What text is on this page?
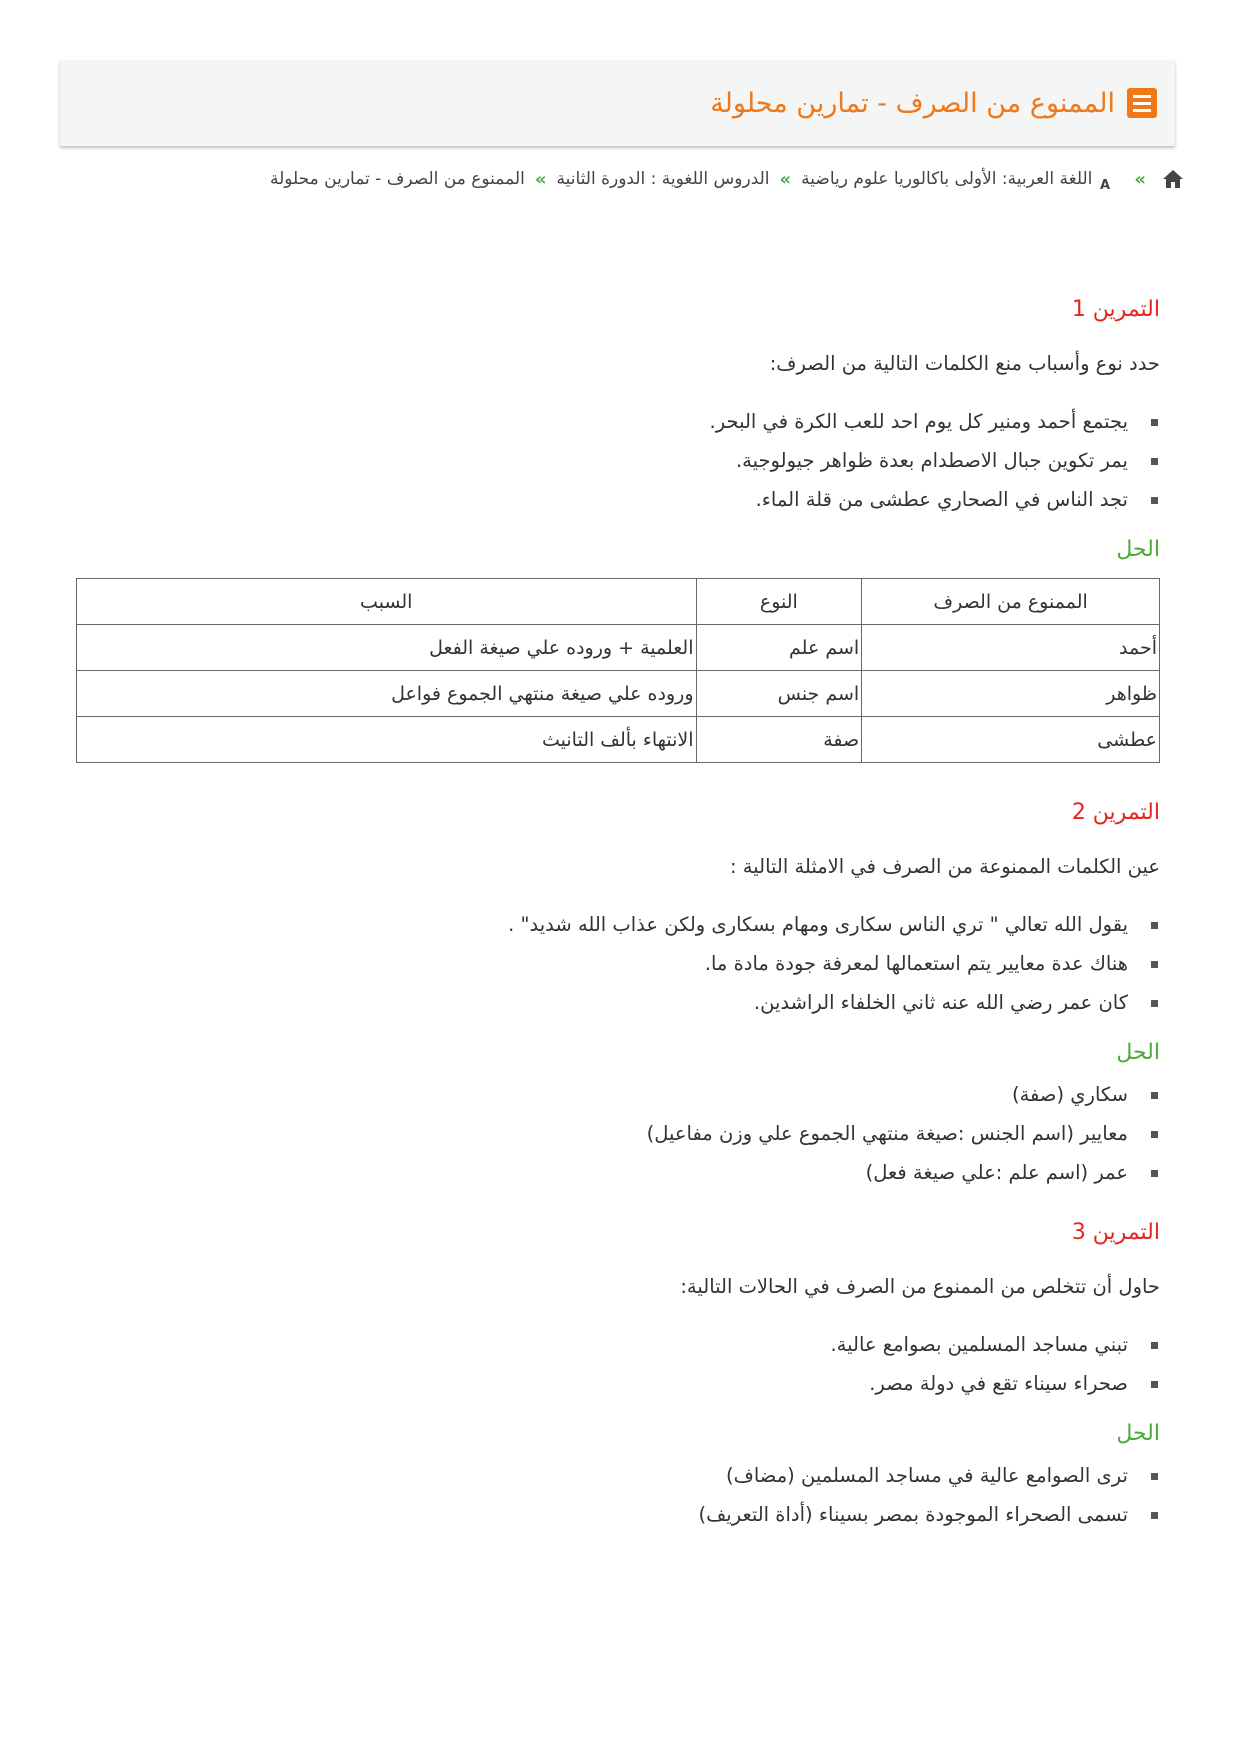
الممنوع من الصرف - تمارين محلولة
»
A
اللغة العربية: الأولى باكالوريا علوم رياضية
»
الدروس اللغوية : الدورة الثانية
»
الممنوع من الصرف - تمارين محلولة
التمرين 1

حدد نوع وأسباب منع الكلمات التالية من الصرف:

يجتمع أحمد ومنير كل يوم احد للعب الكرة في البحر.
يمر تكوين جبال الاصطدام بعدة ظواهر جيولوجية.
تجد الناس في الصحاري عطشى من قلة الماء.
الحل
الممنوع من الصرف	النوع	السبب
أحمد	اسم علم	العلمية + وروده علي صيغة الفعل
ظواهر	اسم جنس	وروده علي صيغة منتهي الجموع فواعل
عطشى	صفة	الانتهاء بألف التانيث
التمرين 2

عين الكلمات الممنوعة من الصرف في الامثلة التالية :

يقول الله تعالي " تري الناس سكارى ومهام بسكارى ولكن عذاب الله شديد" .
هناك عدة معايير يتم استعمالها لمعرفة جودة مادة ما.
كان عمر رضي الله عنه ثاني الخلفاء الراشدين.
الحل
سكاري (صفة)
معايير (اسم الجنس :صيغة منتهي الجموع علي وزن مفاعيل)
عمر (اسم علم :علي صيغة فعل)
التمرين 3

حاول أن تتخلص من الممنوع من الصرف في الحالات التالية:

تبني مساجد المسلمين بصوامع عالية.
صحراء سيناء تقع في دولة مصر.
الحل
ترى الصوامع عالية في مساجد المسلمين (مضاف)
تسمى الصحراء الموجودة بمصر بسيناء (أداة التعريف)
